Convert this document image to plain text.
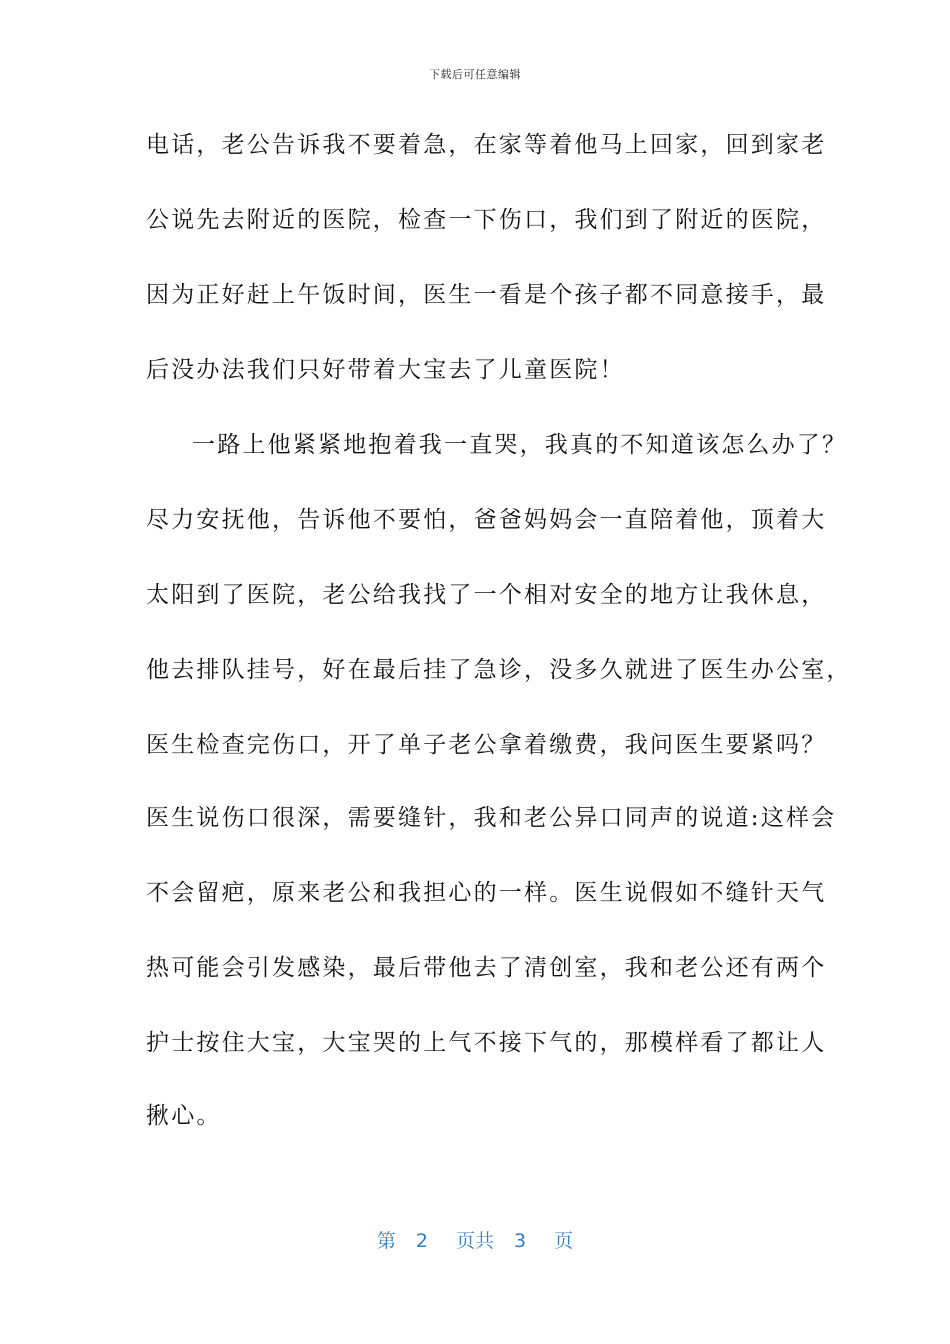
下载后可任意编辑
电话，老公告诉我不要着急，在家等着他马上回家，回到家老
公说先去附近的医院，检查一下伤口，我们到了附近的医院，
因为正好赶上午饭时间，医生一看是个孩子都不同意接手，最
后没办法我们只好带着大宝去了儿童医院！
一路上他紧紧地抱着我一直哭，我真的不知道该怎么办了？
尽力安抚他，告诉他不要怕，爸爸妈妈会一直陪着他，顶着大
太阳到了医院，老公给我找了一个相对安全的地方让我休息，
他去排队挂号，好在最后挂了急诊，没多久就进了医生办公室，
医生检查完伤口，开了单子老公拿着缴费，我问医生要紧吗？
医生说伤口很深，需要缝针，我和老公异口同声的说道:这样会
不会留疤，原来老公和我担心的一样。医生说假如不缝针天气
热可能会引发感染，最后带他去了清创室，我和老公还有两个
护士按住大宝，大宝哭的上气不接下气的，那模样看了都让人
揪心。
第 2 页共 3 页
